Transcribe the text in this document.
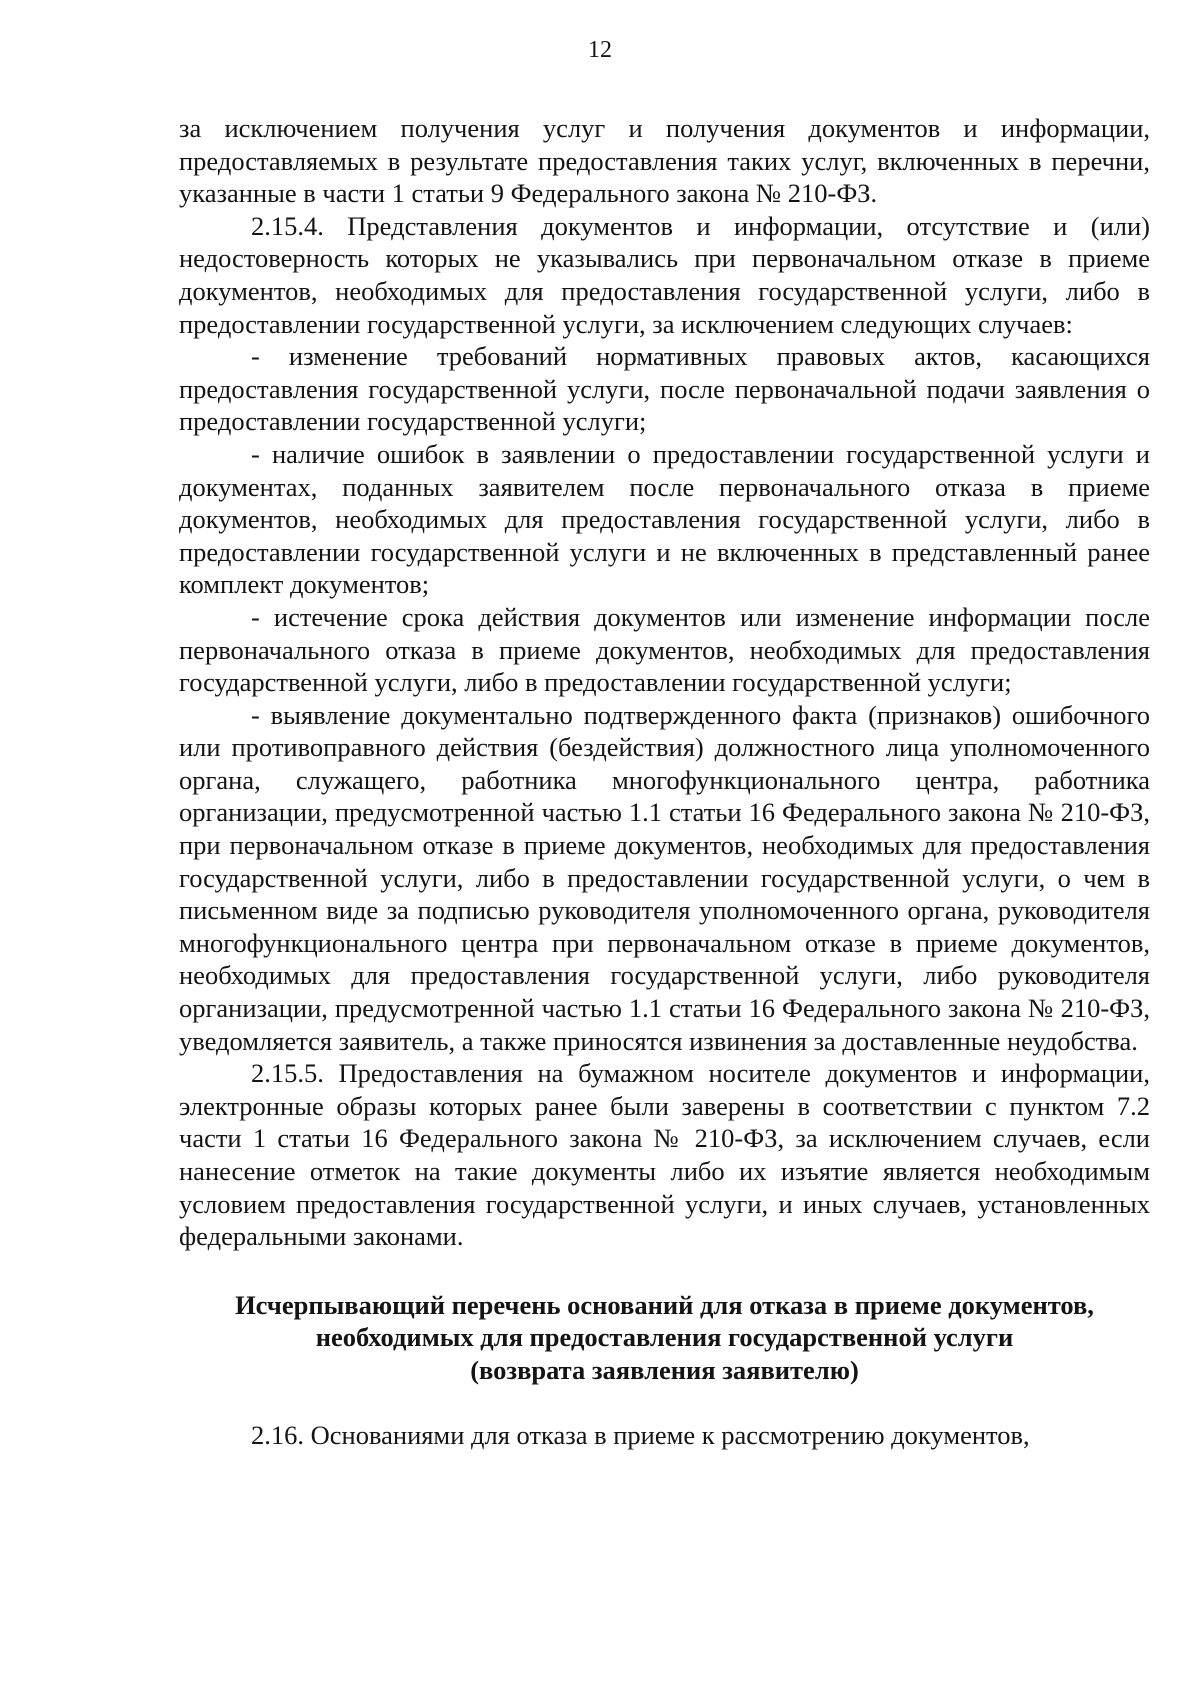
12

за исключением получения услуг и получения документов и информации, предоставляемых в результате предоставления таких услуг, включенных в перечни, указанные в части 1 статьи 9 Федерального закона № 210-ФЗ.

2.15.4. Представления документов и информации, отсутствие и (или) недостоверность которых не указывались при первоначальном отказе в приеме документов, необходимых для предоставления государственной услуги, либо в предоставлении государственной услуги, за исключением следующих случаев:

- изменение требований нормативных правовых актов, касающихся предоставления государственной услуги, после первоначальной подачи заявления о предоставлении государственной услуги;

- наличие ошибок в заявлении о предоставлении государственной услуги и документах, поданных заявителем после первоначального отказа в приеме документов, необходимых для предоставления государственной услуги, либо в предоставлении государственной услуги и не включенных в представленный ранее комплект документов;

- истечение срока действия документов или изменение информации после первоначального отказа в приеме документов, необходимых для предоставления государственной услуги, либо в предоставлении государственной услуги;

- выявление документально подтвержденного факта (признаков) ошибочного или противоправного действия (бездействия) должностного лица уполномоченного органа, служащего, работника многофункционального центра, работника организации, предусмотренной частью 1.1 статьи 16 Федерального закона № 210-ФЗ, при первоначальном отказе в приеме документов, необходимых для предоставления государственной услуги, либо в предоставлении государственной услуги, о чем в письменном виде за подписью руководителя уполномоченного органа, руководителя многофункционального центра при первоначальном отказе в приеме документов, необходимых для предоставления государственной услуги, либо руководителя организации, предусмотренной частью 1.1 статьи 16 Федерального закона № 210-ФЗ, уведомляется заявитель, а также приносятся извинения за доставленные неудобства.

2.15.5. Предоставления на бумажном носителе документов и информации, электронные образы которых ранее были заверены в соответствии с пунктом 7.2 части 1 статьи 16 Федерального закона № 210-ФЗ, за исключением случаев, если нанесение отметок на такие документы либо их изъятие является необходимым условием предоставления государственной услуги, и иных случаев, установленных федеральными законами.

Исчерпывающий перечень оснований для отказа в приеме документов,
необходимых для предоставления государственной услуги
(возврата заявления заявителю)

2.16. Основаниями для отказа в приеме к рассмотрению документов,
